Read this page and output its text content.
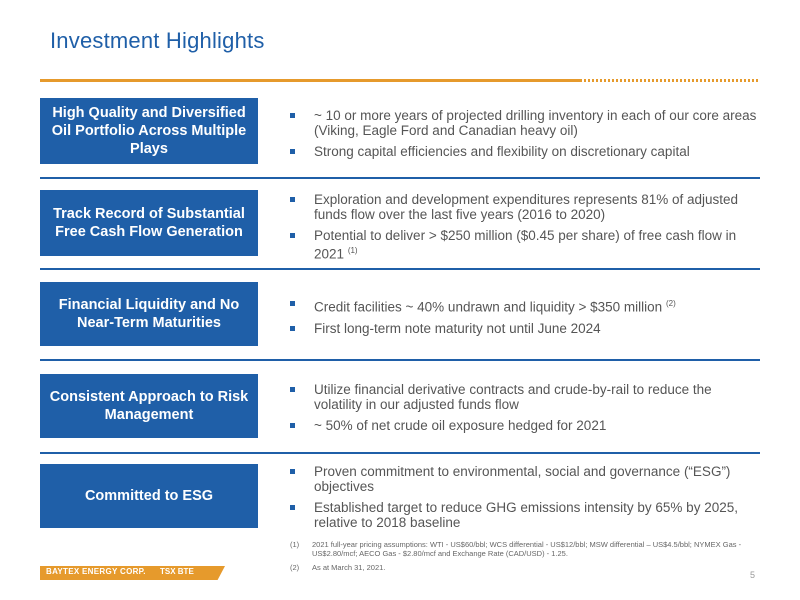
Investment Highlights
High Quality and Diversified Oil Portfolio Across Multiple Plays
~ 10 or more years of projected drilling inventory in each of our core areas (Viking, Eagle Ford and Canadian heavy oil)
Strong capital efficiencies and flexibility on discretionary capital
Track Record of Substantial Free Cash Flow Generation
Exploration and development expenditures represents 81% of adjusted funds flow over the last five years (2016 to 2020)
Potential to deliver > $250 million ($0.45 per share) of free cash flow in 2021 $^{(1)}$
Financial Liquidity and No Near-Term Maturities
Credit facilities ~ 40% undrawn and liquidity > $350 million $^{(2)}$
First long-term note maturity not until June 2024
Consistent Approach to Risk Management
Utilize financial derivative contracts and crude-by-rail to reduce the volatility in our adjusted funds flow
~ 50% of net crude oil exposure hedged for 2021
Committed to ESG
Proven commitment to environmental, social and governance (“ESG”) objectives
Established target to reduce GHG emissions intensity by 65% by 2025, relative to 2018 baseline
(1) 2021 full-year pricing assumptions: WTI - US$60/bbl; WCS differential - US$12/bbl; MSW differential – US$4.5/bbl; NYMEX Gas - US$2.80/mcf; AECO Gas - $2.80/mcf and Exchange Rate (CAD/USD) - 1.25.
(2) As at March 31, 2021.
BAYTEX ENERGY CORP. TSX BTE	5
